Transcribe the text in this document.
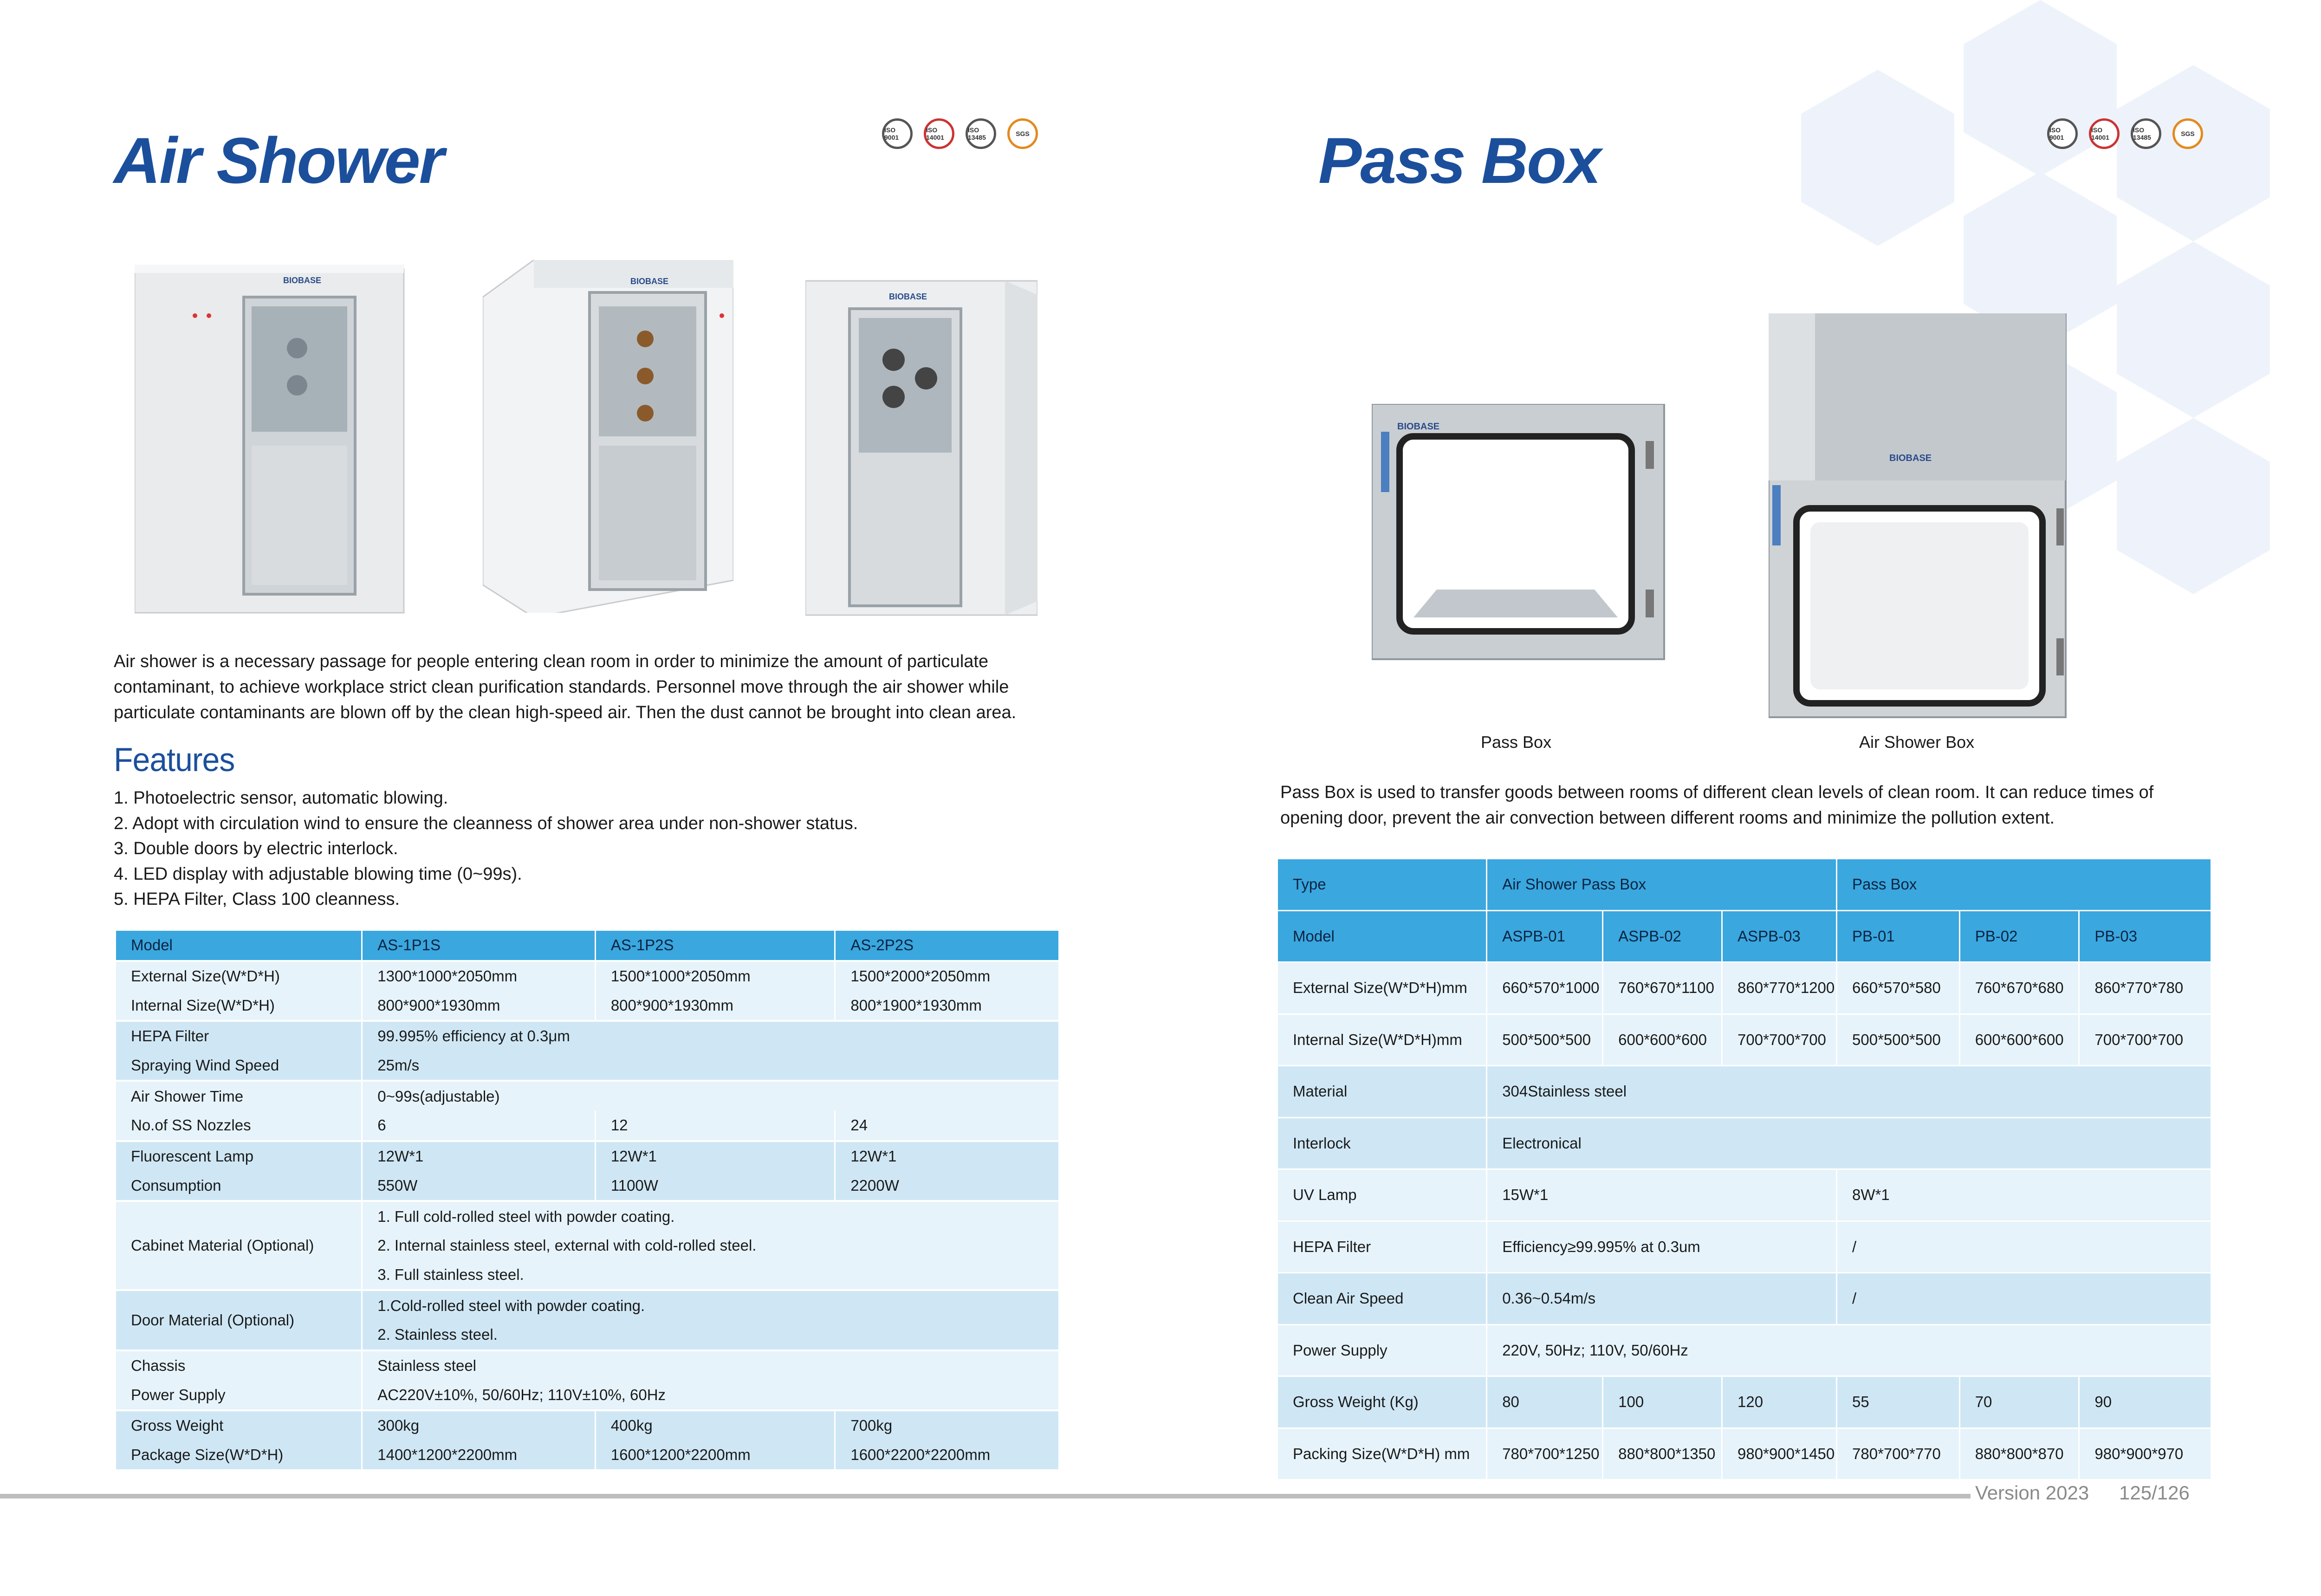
Air Shower	ISO 9001
ISO 14001
ISO 13485	SGS
BIOBASE	BIOBASE
BIOBASE
Air shower is a necessary passage for people entering clean room in order to minimize the amount of particulate contaminant, to achieve workplace strict clean purification standards. Personnel move through the air shower while particulate contaminants are blown off by the clean high-speed air. Then the dust cannot be brought into clean area.
Features
1. Photoelectric sensor, automatic blowing.
2. Adopt with circulation wind to ensure the cleanness of shower area under non-shower status.
3. Double doors by electric interlock.
4. LED display with adjustable blowing time (0~99s).
5. HEPA Filter, Class 100 cleanness.
Model	AS-1P1S	AS-1P2S	AS-2P2S
External Size(W*D*H)	1300*1000*2050mm	1500*1000*2050mm	1500*2000*2050mm
Internal Size(W*D*H)	800*900*1930mm	800*900*1930mm	800*1900*1930mm
HEPA Filter	99.995% efficiency at 0.3μm		
Spraying Wind Speed	25m/s		
Air Shower Time	0~99s(adjustable)		
No.of SS Nozzles	6	12	24
Fluorescent Lamp	12W*1	12W*1	12W*1
Consumption	550W	1100W	2200W
Cabinet Material (Optional)	1. Full cold-rolled steel with powder coating.		
	2. Internal stainless steel, external with cold-rolled steel.		
	3. Full stainless steel.		
Door Material (Optional)	1.Cold-rolled steel with powder coating.		
	2. Stainless steel.		
Chassis	Stainless steel		
Power Supply	AC220V±10%, 50/60Hz; 110V±10%, 60Hz		
Gross Weight	300kg	400kg	700kg
Package Size(W*D*H)	1400*1200*2200mm	1600*1200*2200mm	1600*2200*2200mm
Pass Box	ISO 9001
ISO 14001
ISO 13485	SGS
BIOBASE
BIOBASE
Pass Box	Air Shower Box
Pass Box is used to transfer goods between rooms of different clean levels of clean room. It can reduce times of opening door, prevent the air convection between different rooms and minimize the pollution extent.
Type	Air Shower Pass Box			Pass Box		
Model	ASPB-01	ASPB-02	ASPB-03	PB-01	PB-02	PB-03
External Size(W*D*H)mm	660*570*1000	760*670*1100	860*770*1200	660*570*580	760*670*680	860*770*780
Internal Size(W*D*H)mm	500*500*500	600*600*600	700*700*700	500*500*500	600*600*600	700*700*700
Material	304Stainless steel					
Interlock	Electronical					
UV Lamp	15W*1			8W*1		
HEPA Filter	Efficiency≥99.995% at 0.3um			/		
Clean Air Speed	0.36~0.54m/s			/		
Power Supply	220V, 50Hz; 110V, 50/60Hz					
Gross Weight (Kg)	80	100	120	55	70	90
Packing Size(W*D*H) mm	780*700*1250	880*800*1350	980*900*1450	780*700*770	880*800*870	980*900*970
Version 2023 125/126
